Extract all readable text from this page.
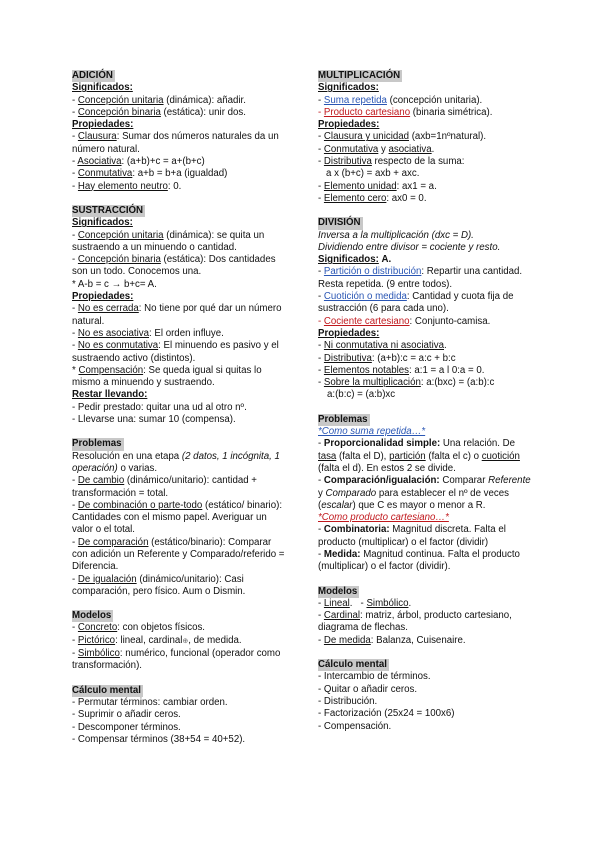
ADICIÓN
Significados:
- Concepción unitaria (dinámica): añadir.
- Concepción binaria (estática): unir dos.
Propiedades:
- Clausura: Sumar dos números naturales da un número natural.
- Asociativa: (a+b)+c = a+(b+c)
- Conmutativa: a+b = b+a (igualdad)
- Hay elemento neutro: 0.
SUSTRACCIÓN
Significados:
- Concepción unitaria (dinámica): se quita un sustraendo a un minuendo o cantidad.
- Concepción binaria (estática): Dos cantidades son un todo. Conocemos una.
* A-b = c → b+c= A.
Propiedades:
- No es cerrada: No tiene por qué dar un número natural.
- No es asociativa: El orden influye.
- No es conmutativa: El minuendo es pasivo y el sustraendo activo (distintos).
* Compensación: Se queda igual si quitas lo mismo a minuendo y sustraendo.
Restar llevando:
- Pedir prestado: quitar una ud al otro nº.
- Llevarse una: sumar 10 (compensa).
Problemas
Resolución en una etapa (2 datos, 1 incógnita, 1 operación) o varias.
- De cambio (dinámico/unitario): cantidad + transformación = total.
- De combinación o parte-todo (estático/ binario): Cantidades con el mismo papel. Averiguar un valor o el total.
- De comparación (estático/binario): Comparar con adición un Referente y Comparado/referido = Diferencia.
- De igualación (dinámico/unitario): Casi comparación, pero físico. Aum o Dismin.
Modelos
- Concreto: con objetos físicos.
- Pictórico: lineal, cardinal⊕, de medida.
- Simbólico: numérico, funcional (operador como transformación).
Cálculo mental
- Permutar términos: cambiar orden.
- Suprimir o añadir ceros.
- Descomponer términos.
- Compensar términos (38+54 = 40+52).
MULTIPLICACIÓN
Significados:
- Suma repetida (concepción unitaria).
- Producto cartesiano (binaria simétrica).
Propiedades:
- Clausura y unicidad (axb=1nºnatural).
- Conmutativa y asociativa.
- Distributiva respecto de la suma:
a x (b+c) = axb + axc.
- Elemento unidad: ax1 = a.
- Elemento cero: ax0 = 0.
DIVISIÓN
Inversa a la multiplicación (dxc = D).
Dividiendo entre divisor = cociente y resto.
Significados: A.
- Partición o distribución: Repartir una cantidad. Resta repetida. (9 entre todos).
- Cuotición o medida: Cantidad y cuota fija de sustracción (6 para cada uno).
- Cociente cartesiano: Conjunto-camisa.
Propiedades:
- Ni conmutativa ni asociativa.
- Distributiva: (a+b):c = a:c + b:c
- Elementos notables: a:1 = a l 0:a = 0.
- Sobre la multiplicación: a:(bxc) = (a:b):c
a:(b:c) = (a:b)xc
Problemas
*Como suma repetida…*
- Proporcionalidad simple: Una relación. De tasa (falta el D), partición (falta el c) o cuotición (falta el d). En estos 2 se divide.
- Comparación/igualación: Comparar Referente y Comparado para establecer el nº de veces (escalar) que C es mayor o menor a R.
*Como producto cartesiano…*
- Combinatoria: Magnitud discreta. Falta el producto (multiplicar) o el factor (dividir)
- Medida: Magnitud continua. Falta el producto (multiplicar) o el factor (dividir).
Modelos
- Lineal.   - Simbólico.
- Cardinal: matriz, árbol, producto cartesiano, diagrama de flechas.
- De medida: Balanza, Cuisenaire.
Cálculo mental
- Intercambio de términos.
- Quitar o añadir ceros.
- Distribución.
- Factorización (25x24 = 100x6)
- Compensación.
